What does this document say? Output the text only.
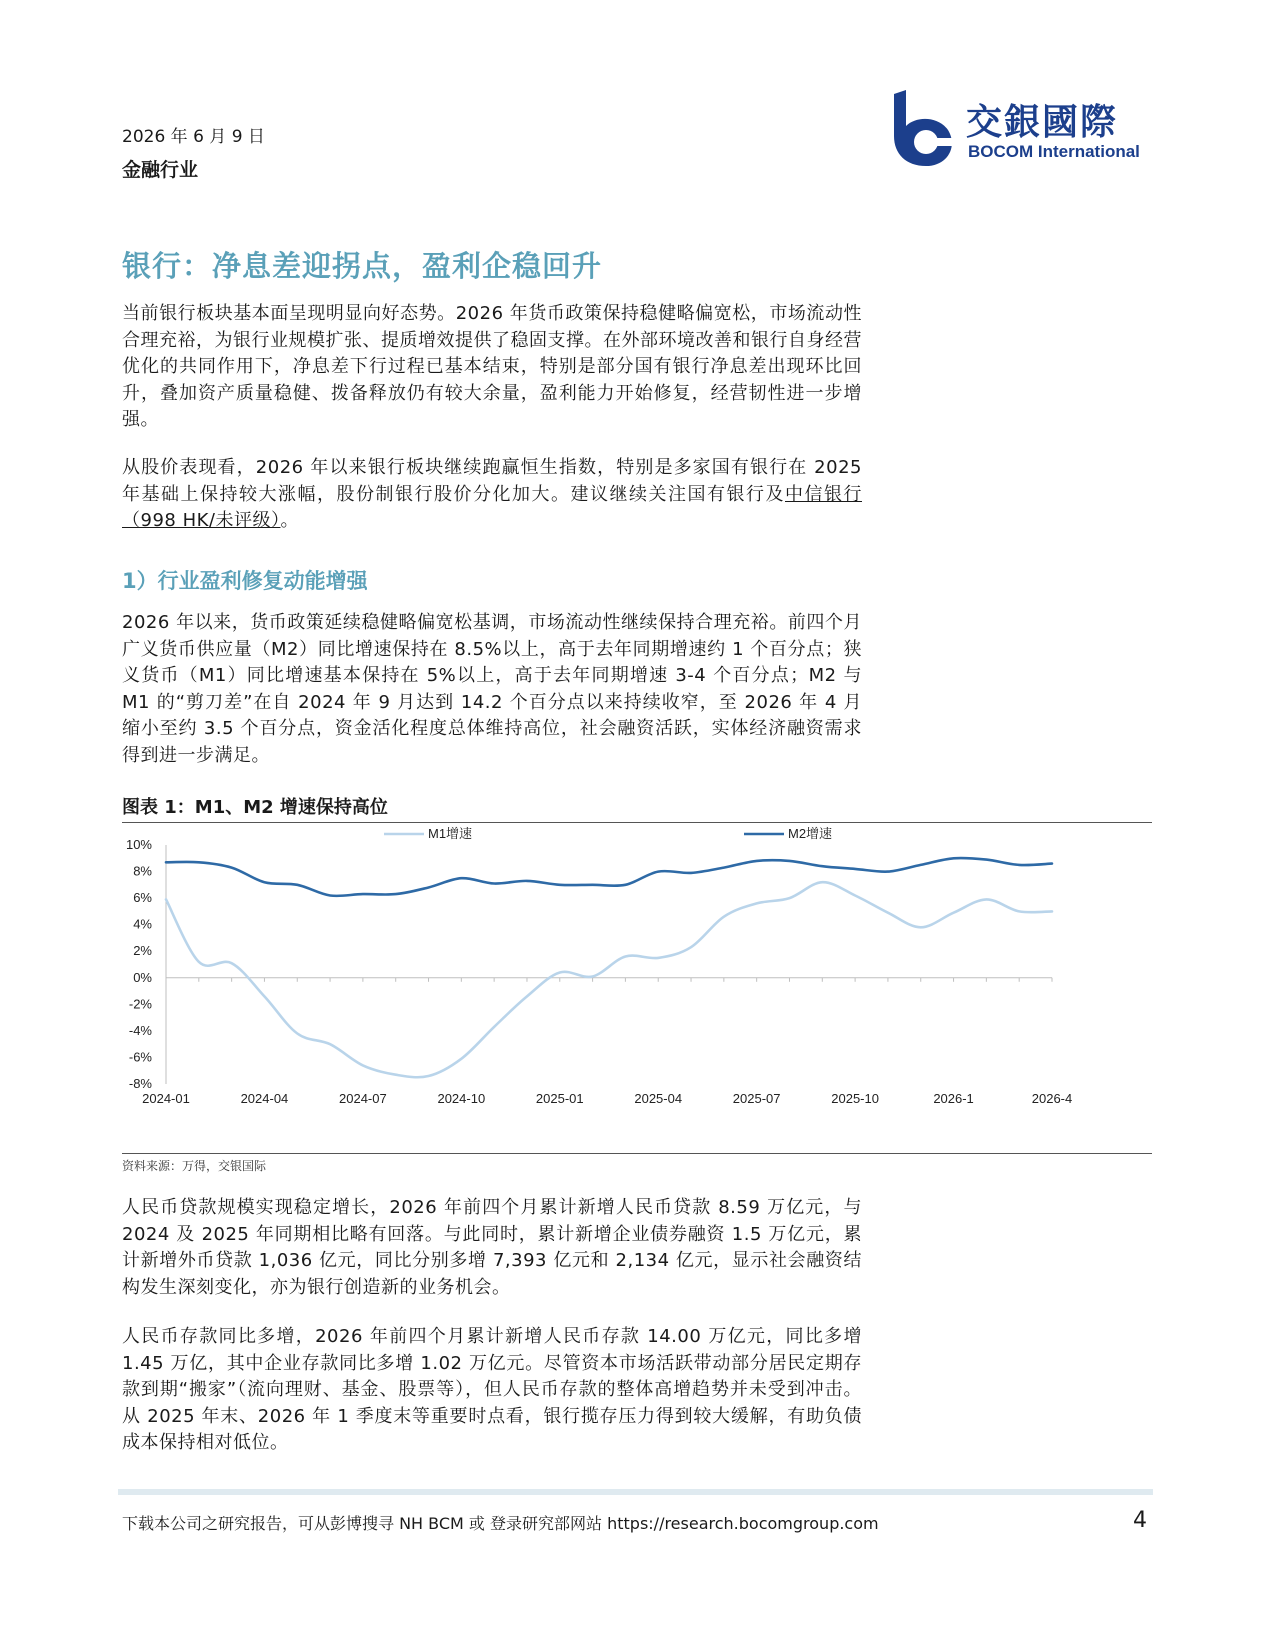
2026 年 6 月 9 日
金融行业
交銀國際
BOCOM International
银行：净息差迎拐点，盈利企稳回升

当前银行板块基本面呈现明显向好态势。2026 年货币政策保持稳健略偏宽松，市场流动性合理充裕，为银行业规模扩张、提质增效提供了稳固支撑。在外部环境改善和银行自身经营优化的共同作用下，净息差下行过程已基本结束，特别是部分国有银行净息差出现环比回升，叠加资产质量稳健、拨备释放仍有较大余量，盈利能力开始修复，经营韧性进一步增强。

从股价表现看，2026 年以来银行板块继续跑赢恒生指数，特别是多家国有银行在 2025 年基础上保持较大涨幅，股份制银行股价分化加大。建议继续关注国有银行及中信银行（998 HK/未评级）。

1）行业盈利修复动能增强

2026 年以来，货币政策延续稳健略偏宽松基调，市场流动性继续保持合理充裕。前四个月广义货币供应量（M2）同比增速保持在 8.5%以上，高于去年同期增速约 1 个百分点；狭义货币（M1）同比增速基本保持在 5%以上，高于去年同期增速 3-4 个百分点；M2 与 M1 的“剪刀差”在自 2024 年 9 月达到 14.2 个百分点以来持续收窄，至 2026 年 4 月缩小至约 3.5 个百分点，资金活化程度总体维持高位，社会融资活跃，实体经济融资需求得到进一步满足。

图表 1：M1、M2 增速保持高位
10%
8%
6%
4%
2%
0%
-2%
-4%
-6%
-8%
2024-01	2024-04	2024-07	2024-10	2025-01	2025-04	2025-07	2025-10	2026-1	2026-4
M1增速	M2增速
资料来源：万得，交银国际

人民币贷款规模实现稳定增长，2026 年前四个月累计新增人民币贷款 8.59 万亿元，与 2024 及 2025 年同期相比略有回落。与此同时，累计新增企业债券融资 1.5 万亿元，累计新增外币贷款 1,036 亿元，同比分别多增 7,393 亿元和 2,134 亿元，显示社会融资结构发生深刻变化，亦为银行创造新的业务机会。

人民币存款同比多增，2026 年前四个月累计新增人民币存款 14.00 万亿元，同比多增 1.45 万亿，其中企业存款同比多增 1.02 万亿元。尽管资本市场活跃带动部分居民定期存款到期“搬家”（流向理财、基金、股票等），但人民币存款的整体高增趋势并未受到冲击。从 2025 年末、2026 年 1 季度末等重要时点看，银行揽存压力得到较大缓解，有助负债成本保持相对低位。

下载本公司之研究报告，可从彭博搜寻 NH BCM 或 登录研究部网站 https://research.bocomgroup.com	4
